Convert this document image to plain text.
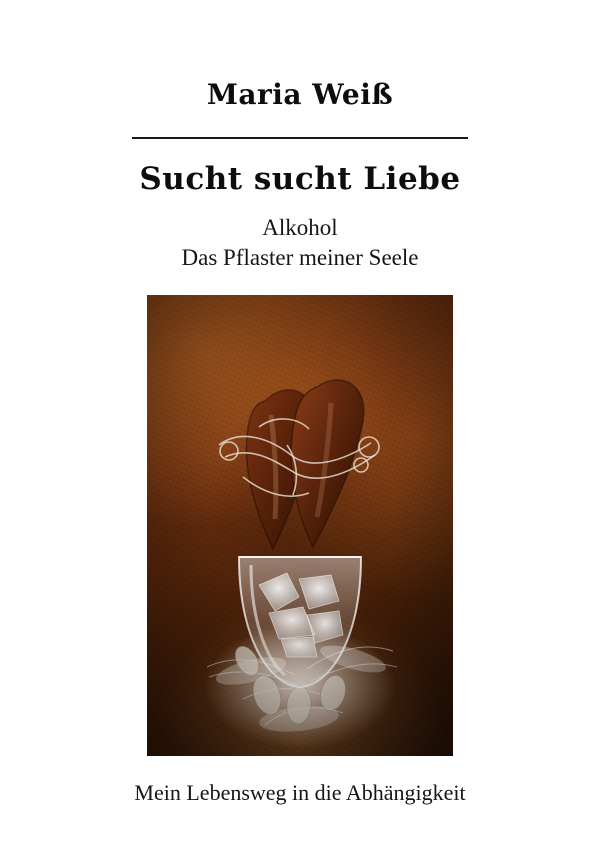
Maria Weiß
Sucht sucht Liebe
Alkohol
Das Pflaster meiner Seele
Mein Lebensweg in die Abhängigkeit
